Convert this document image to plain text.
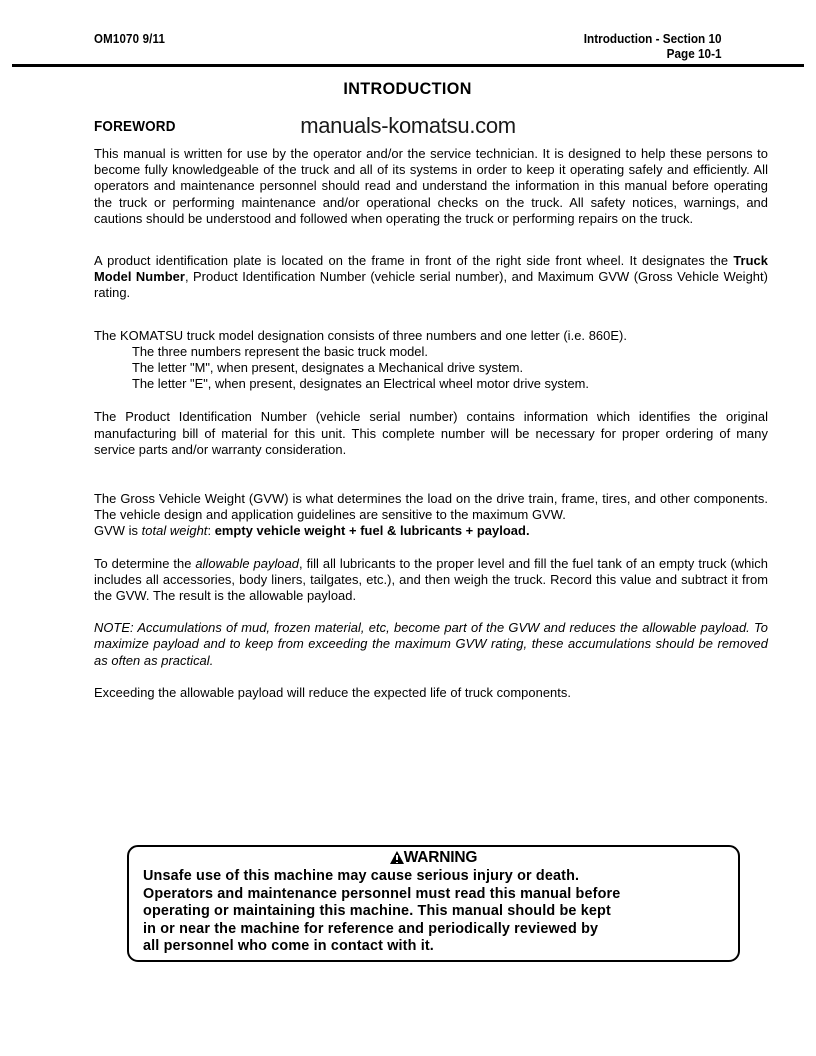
OM1070 9/11	Introduction - Section 10
Page 10-1
INTRODUCTION
manuals-komatsu.com
FOREWORD

This manual is written for use by the operator and/or the service technician. It is designed to help these persons to become fully knowledgeable of the truck and all of its systems in order to keep it operating safely and efficiently. All operators and maintenance personnel should read and understand the information in this manual before operating the truck or performing maintenance and/or operational checks on the truck. All safety notices, warnings, and cautions should be understood and followed when operating the truck or performing repairs on the truck.

A product identification plate is located on the frame in front of the right side front wheel. It designates the Truck Model Number, Product Identification Number (vehicle serial number), and Maximum GVW (Gross Vehicle Weight) rating.

The KOMATSU truck model designation consists of three numbers and one letter (i.e. 860E).

The three numbers represent the basic truck model.

The letter "M", when present, designates a Mechanical drive system.

The letter "E", when present, designates an Electrical wheel motor drive system.

The Product Identification Number (vehicle serial number) contains information which identifies the original manufacturing bill of material for this unit. This complete number will be necessary for proper ordering of many service parts and/or warranty consideration.

The Gross Vehicle Weight (GVW) is what determines the load on the drive train, frame, tires, and other components. The vehicle design and application guidelines are sensitive to the maximum GVW.

GVW is total weight: empty vehicle weight + fuel & lubricants + payload.

To determine the allowable payload, fill all lubricants to the proper level and fill the fuel tank of an empty truck (which includes all accessories, body liners, tailgates, etc.), and then weigh the truck. Record this value and subtract it from the GVW. The result is the allowable payload.

NOTE: Accumulations of mud, frozen material, etc, become part of the GVW and reduces the allowable payload. To maximize payload and to keep from exceeding the maximum GVW rating, these accumulations should be removed as often as practical.

Exceeding the allowable payload will reduce the expected life of truck components.

WARNING
Unsafe use of this machine may cause serious injury or death.
Operators and maintenance personnel must read this manual before
operating or maintaining this machine. This manual should be kept
in or near the machine for reference and periodically reviewed by
all personnel who come in contact with it.
